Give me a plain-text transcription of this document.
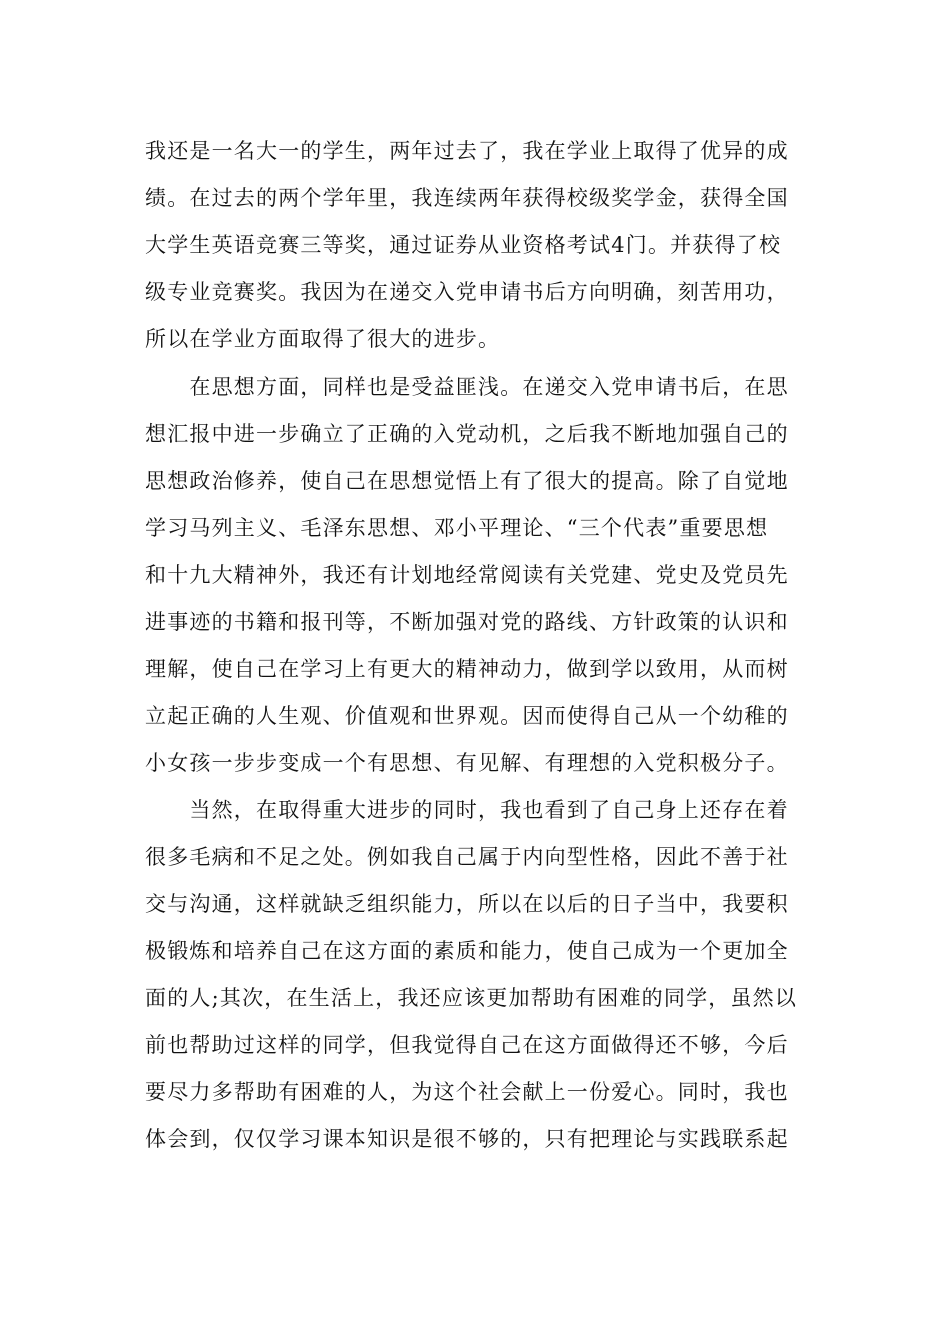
我还是一名大一的学生，两年过去了，我在学业上取得了优异的成
绩。在过去的两个学年里，我连续两年获得校级奖学金，获得全国
大学生英语竞赛三等奖，通过证券从业资格考试4门。并获得了校
级专业竞赛奖。我因为在递交入党申请书后方向明确，刻苦用功，
所以在学业方面取得了很大的进步。
　　在思想方面，同样也是受益匪浅。在递交入党申请书后，在思
想汇报中进一步确立了正确的入党动机，之后我不断地加强自己的
思想政治修养，使自己在思想觉悟上有了很大的提高。除了自觉地
学习马列主义、毛泽东思想、邓小平理论、“三个代表”重要思想
和十九大精神外，我还有计划地经常阅读有关党建、党史及党员先
进事迹的书籍和报刊等，不断加强对党的路线、方针政策的认识和
理解，使自己在学习上有更大的精神动力，做到学以致用，从而树
立起正确的人生观、价值观和世界观。因而使得自己从一个幼稚的
小女孩一步步变成一个有思想、有见解、有理想的入党积极分子。
　　当然，在取得重大进步的同时，我也看到了自己身上还存在着
很多毛病和不足之处。例如我自己属于内向型性格，因此不善于社
交与沟通，这样就缺乏组织能力，所以在以后的日子当中，我要积
极锻炼和培养自己在这方面的素质和能力，使自己成为一个更加全
面的人;其次，在生活上，我还应该更加帮助有困难的同学，虽然以
前也帮助过这样的同学，但我觉得自己在这方面做得还不够，今后
要尽力多帮助有困难的人，为这个社会献上一份爱心。同时，我也
体会到，仅仅学习课本知识是很不够的，只有把理论与实践联系起
